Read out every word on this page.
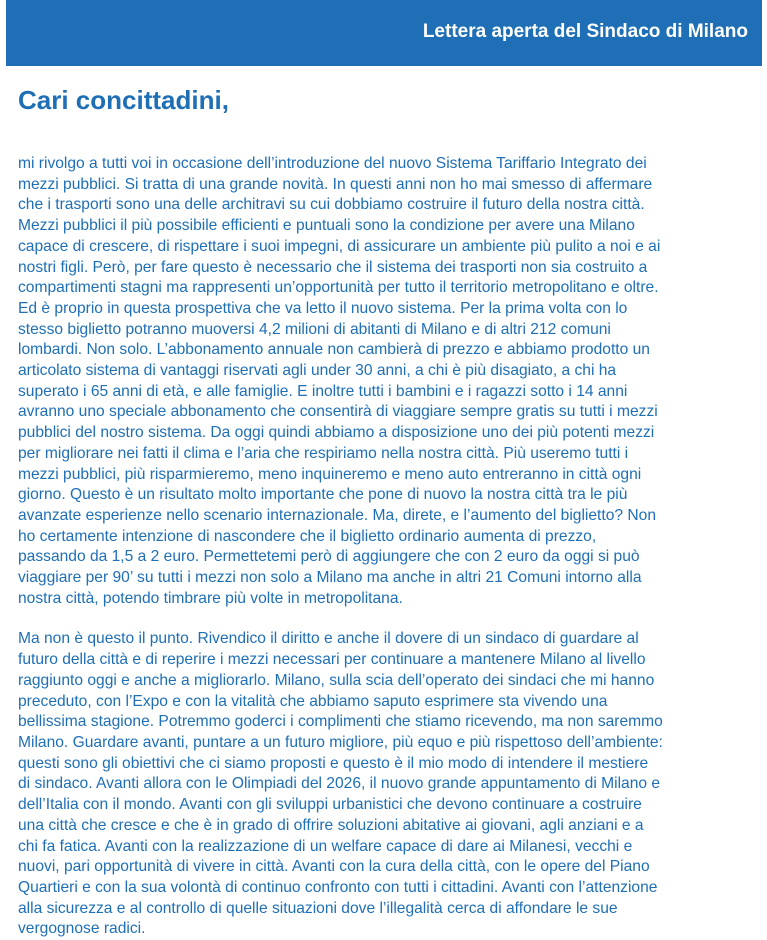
Lettera aperta del Sindaco di Milano
Cari concittadini,

mi rivolgo a tutti voi in occasione dell’introduzione del nuovo Sistema Tariffario Integrato dei
mezzi pubblici. Si tratta di una grande novità. In questi anni non ho mai smesso di affermare
che i trasporti sono una delle architravi su cui dobbiamo costruire il futuro della nostra città.
Mezzi pubblici il più possibile efficienti e puntuali sono la condizione per avere una Milano
capace di crescere, di rispettare i suoi impegni, di assicurare un ambiente più pulito a noi e ai
nostri figli. Però, per fare questo è necessario che il sistema dei trasporti non sia costruito a
compartimenti stagni ma rappresenti un’opportunità per tutto il territorio metropolitano e oltre.
Ed è proprio in questa prospettiva che va letto il nuovo sistema. Per la prima volta con lo
stesso biglietto potranno muoversi 4,2 milioni di abitanti di Milano e di altri 212 comuni
lombardi. Non solo. L’abbonamento annuale non cambierà di prezzo e abbiamo prodotto un
articolato sistema di vantaggi riservati agli under 30 anni, a chi è più disagiato, a chi ha
superato i 65 anni di età, e alle famiglie. E inoltre tutti i bambini e i ragazzi sotto i 14 anni
avranno uno speciale abbonamento che consentirà di viaggiare sempre gratis su tutti i mezzi
pubblici del nostro sistema. Da oggi quindi abbiamo a disposizione uno dei più potenti mezzi
per migliorare nei fatti il clima e l’aria che respiriamo nella nostra città. Più useremo tutti i
mezzi pubblici, più risparmieremo, meno inquineremo e meno auto entreranno in città ogni
giorno. Questo è un risultato molto importante che pone di nuovo la nostra città tra le più
avanzate esperienze nello scenario internazionale. Ma, direte, e l’aumento del biglietto? Non
ho certamente intenzione di nascondere che il biglietto ordinario aumenta di prezzo,
passando da 1,5 a 2 euro. Permettetemi però di aggiungere che con 2 euro da oggi si può
viaggiare per 90’ su tutti i mezzi non solo a Milano ma anche in altri 21 Comuni intorno alla
nostra città, potendo timbrare più volte in metropolitana.

Ma non è questo il punto. Rivendico il diritto e anche il dovere di un sindaco di guardare al
futuro della città e di reperire i mezzi necessari per continuare a mantenere Milano al livello
raggiunto oggi e anche a migliorarlo. Milano, sulla scia dell’operato dei sindaci che mi hanno
preceduto, con l’Expo e con la vitalità che abbiamo saputo esprimere sta vivendo una
bellissima stagione. Potremmo goderci i complimenti che stiamo ricevendo, ma non saremmo
Milano. Guardare avanti, puntare a un futuro migliore, più equo e più rispettoso dell’ambiente:
questi sono gli obiettivi che ci siamo proposti e questo è il mio modo di intendere il mestiere
di sindaco. Avanti allora con le Olimpiadi del 2026, il nuovo grande appuntamento di Milano e
dell’Italia con il mondo. Avanti con gli sviluppi urbanistici che devono continuare a costruire
una città che cresce e che è in grado di offrire soluzioni abitative ai giovani, agli anziani e a
chi fa fatica. Avanti con la realizzazione di un welfare capace di dare ai Milanesi, vecchi e
nuovi, pari opportunità di vivere in città. Avanti con la cura della città, con le opere del Piano
Quartieri e con la sua volontà di continuo confronto con tutti i cittadini. Avanti con l’attenzione
alla sicurezza e al controllo di quelle situazioni dove l’illegalità cerca di affondare le sue
vergognose radici.
